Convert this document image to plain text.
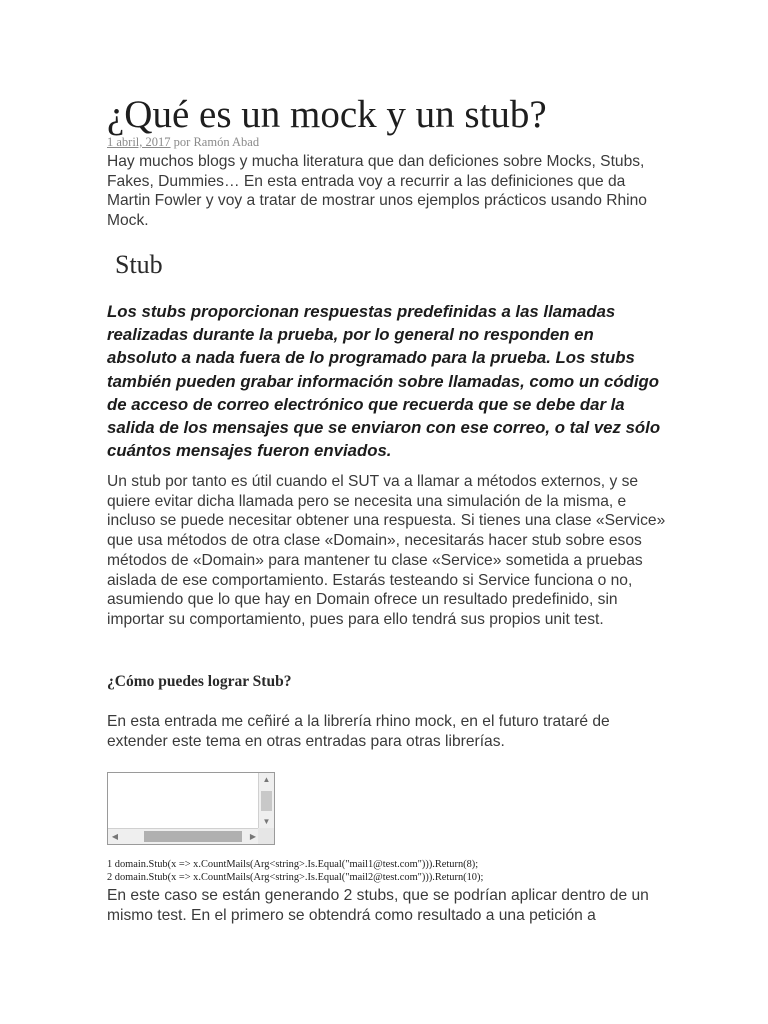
¿Qué es un mock y un stub?
1 abril, 2017 por Ramón Abad

Hay muchos blogs y mucha literatura que dan deficiones sobre Mocks, Stubs, Fakes, Dummies… En esta entrada voy a recurrir a las definiciones que da Martin Fowler y voy a tratar de mostrar unos ejemplos prácticos usando Rhino Mock.

Stub

Los stubs proporcionan respuestas predefinidas a las llamadas realizadas durante la prueba, por lo general no responden en absoluto a nada fuera de lo programado para la prueba. Los stubs también pueden grabar información sobre llamadas, como un código de acceso de correo electrónico que recuerda que se debe dar la salida de los mensajes que se enviaron con ese correo, o tal vez sólo cuántos mensajes fueron enviados.

Un stub por tanto es útil cuando el SUT va a llamar a métodos externos, y se quiere evitar dicha llamada pero se necesita una simulación de la misma, e incluso se puede necesitar obtener una respuesta. Si tienes una clase «Service» que usa métodos de otra clase «Domain», necesitarás hacer stub sobre esos métodos de «Domain» para mantener tu clase «Service» sometida a pruebas aislada de ese comportamiento. Estarás testeando si Service funciona o no, asumiendo que lo que hay en Domain ofrece un resultado predefinido, sin importar su comportamiento, pues para ello tendrá sus propios unit test.

¿Cómo puedes lograr Stub?

En esta entrada me ceñiré a la librería rhino mock, en el futuro trataré de extender este tema en otras entradas para otras librerías.

▲
▼
◀	▶
1 domain.Stub(x => x.CountMails(Arg<string>.Is.Equal("mail1@test.com"))).Return(8);
2 domain.Stub(x => x.CountMails(Arg<string>.Is.Equal("mail2@test.com"))).Return(10);

En este caso se están generando 2 stubs, que se podrían aplicar dentro de un mismo test. En el primero se obtendrá como resultado a una petición a
